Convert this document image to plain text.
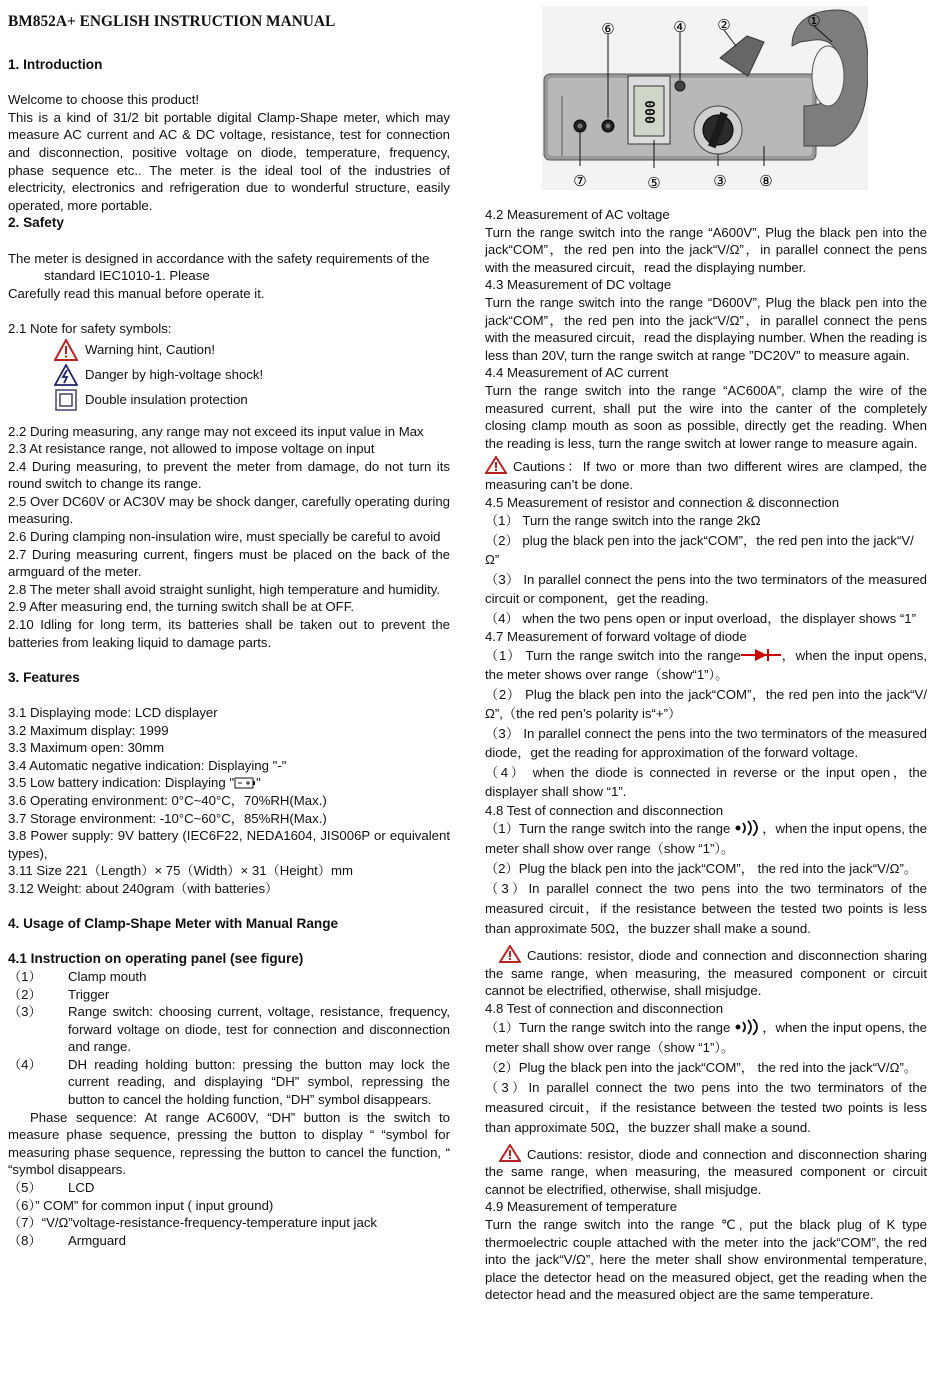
BM852A+ ENGLISH INSTRUCTION MANUAL

1. Introduction

Welcome to choose this product!

This is a kind of 31/2 bit portable digital Clamp-Shape meter, which may measure AC current and AC & DC voltage, resistance, test for connection and disconnection, positive voltage on diode, temperature, frequency, phase sequence etc.. The meter is the ideal tool of the industries of electricity, electronics and refrigeration due to wonderful structure, easily operated, more portable.

2. Safety

The meter is designed in accordance with the safety requirements of the

standard IEC1010-1. Please

Carefully read this manual before operate it.

2.1 Note for safety symbols:

Warning hint, Caution!
Danger by high-voltage shock!
Double insulation protection

2.2 During measuring, any range may not exceed its input value in Max

2.3 At resistance range, not allowed to impose voltage on input

2.4 During measuring, to prevent the meter from damage, do not turn its round switch to change its range.

2.5 Over DC60V or AC30V may be shock danger, carefully operating during measuring.

2.6 During clamping non-insulation wire, must specially be careful to avoid

2.7 During measuring current, fingers must be placed on the back of the armguard of the meter.

2.8 The meter shall avoid straight sunlight, high temperature and humidity.

2.9 After measuring end, the turning switch shall be at OFF.

2.10 Idling for long term, its batteries shall be taken out to prevent the batteries from leaking liquid to damage parts.

3. Features

3.1 Displaying mode: LCD displayer

3.2 Maximum display: 1999

3.3 Maximum open: 30mm

3.4 Automatic negative indication: Displaying "-"

3.5 Low battery indication: Displaying " "

3.6 Operating environment: 0°C~40°C，70%RH(Max.)

3.7 Storage environment: -10°C~60°C，85%RH(Max.)

3.8 Power supply: 9V battery (IEC6F22, NEDA1604, JIS006P or equivalent types),

3.11 Size 221（Length）× 75（Width）× 31（Height）mm

3.12 Weight: about 240gram（with batteries）

4. Usage of Clamp-Shape Meter with Manual Range

4.1 Instruction on operating panel (see figure)

（1）	Clamp mouth
（2）	Trigger
（3）	Range switch: choosing current, voltage, resistance, frequency, forward voltage on diode, test for connection and disconnection and range.
（4）	DH reading holding button: pressing the button may lock the current reading, and displaying “DH” symbol, repressing the button to cancel the holding function, “DH” symbol disappears.

Phase sequence: At range AC600V, “DH” button is the switch to measure phase sequence, pressing the button to display “ “symbol for measuring phase sequence, repressing the button to cancel the function, “ “symbol disappears.

（5）	LCD

（6）” COM” for common input ( input ground)

（7）“V/Ω”voltage-resistance-frequency-temperature input jack

（8）	Armguard
000
⑥	④ ②	①
⑦	⑤	③ ⑧

4.2 Measurement of AC voltage

Turn the range switch into the range “A600V”, Plug the black pen into the jack“COM”，the red pen into the jack“V/Ω”，in parallel connect the pens with the measured circuit，read the displaying number.

4.3 Measurement of DC voltage

Turn the range switch into the range “D600V”, Plug the black pen into the jack“COM”，the red pen into the jack“V/Ω”，in parallel connect the pens with the measured circuit，read the displaying number. When the reading is less than 20V, turn the range switch at range ”DC20V” to measure again.

4.4 Measurement of AC current

Turn the range switch into the range “AC600A”, clamp the wire of the measured current, shall put the wire into the canter of the completely closing clamp mouth as soon as possible, directly get the reading. When the reading is less, turn the range switch at lower range to measure again.

Cautions：If two or more than two different wires are clamped, the measuring can’t be done.

4.5 Measurement of resistor and connection & disconnection

（1） Turn the range switch into the range 2kΩ

（2） plug the black pen into the jack“COM”，the red pen into the jack“V/Ω”

（3） In parallel connect the pens into the two terminators of the measured circuit or component，get the reading.

（4） when the two pens open or input overload，the displayer shows “1”

4.7 Measurement of forward voltage of diode

（1） Turn the range switch into the range	，when the input opens, the meter shows over range（show“1”）。

（2） Plug the black pen into the jack“COM”，the red pen into the jack“V/Ω”,（the red pen’s polarity is“+”）

（3） In parallel connect the pens into the two terminators of the measured diode，get the reading for approximation of the forward voltage.

（4） when the diode is connected in reverse or the input open，the displayer shall show “1”.

4.8 Test of connection and disconnection

（1）Turn the range switch into the range ，when the input opens, the meter shall show over range（show “1”）。

（2）Plug the black pen into the jack“COM”， the red into the jack“V/Ω”。

（3）In parallel connect the two pens into the two terminators of the measured circuit，if the resistance between the tested two points is less than approximate 50Ω，the buzzer shall make a sound.

Cautions: resistor, diode and connection and disconnection sharing the same range, when measuring, the measured component or circuit cannot be electrified, otherwise, shall misjudge.

4.8 Test of connection and disconnection

（1）Turn the range switch into the range ，when the input opens, the meter shall show over range（show “1”）。

（2）Plug the black pen into the jack“COM”， the red into the jack“V/Ω”。

（3）In parallel connect the two pens into the two terminators of the measured circuit，if the resistance between the tested two points is less than approximate 50Ω，the buzzer shall make a sound.

Cautions: resistor, diode and connection and disconnection sharing the same range, when measuring, the measured component or circuit cannot be electrified, otherwise, shall misjudge.

4.9 Measurement of temperature

Turn the range switch into the range ℃, put the black plug of K type thermoelectric couple attached with the meter into the jack“COM”, the red into the jack“V/Ω”, here the meter shall show environmental temperature, place the detector head on the measured object, get the reading when the detector head and the measured object are the same temperature.
